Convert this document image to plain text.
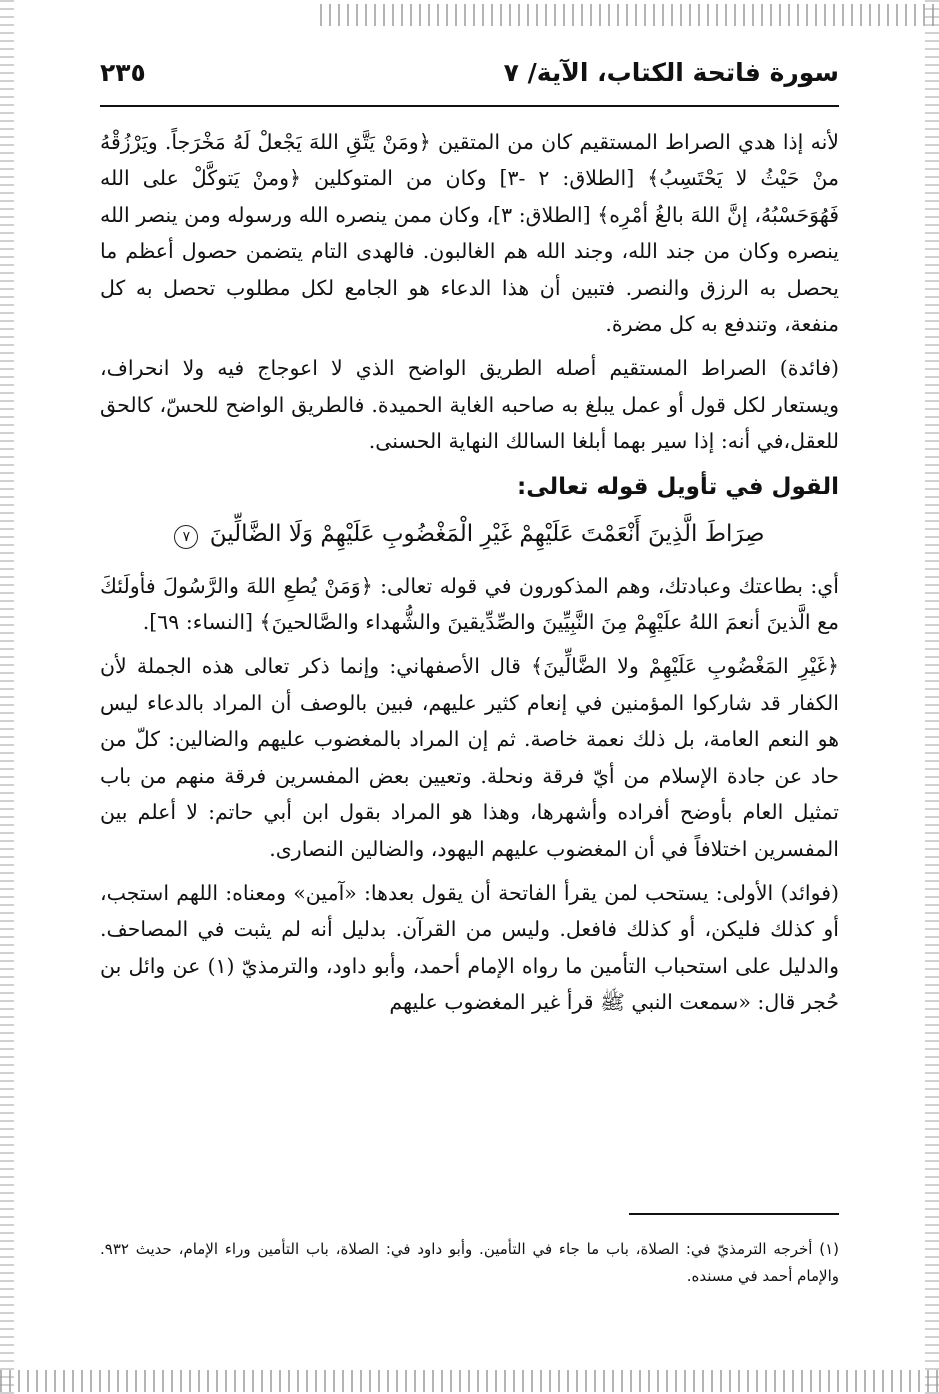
سورة فاتحة الكتاب، الآية/ ٧
٢٣٥

لأنه إذا هدي الصراط المستقيم كان من المتقين ﴿ومَنْ يَتَّقِ اللهَ يَجْعلْ لَهُ مَخْرَجاً. ويَرْزُقْهُ منْ حَيْثُ لا يَحْتَسِبُ﴾ [الطلاق: ٢ -٣] وكان من المتوكلين ﴿ومنْ يَتوكَّلْ على الله فَهُوَحَسْبُهُ، إنَّ اللهَ بالغُ أمْرِه﴾ [الطلاق: ٣]، وكان ممن ينصره الله ورسوله ومن ينصر الله ينصره وكان من جند الله، وجند الله هم الغالبون. فالهدى التام يتضمن حصول أعظم ما يحصل به الرزق والنصر. فتبين أن هذا الدعاء هو الجامع لكل مطلوب تحصل به كل منفعة، وتندفع به كل مضرة.

(فائدة) الصراط المستقيم أصله الطريق الواضح الذي لا اعوجاج فيه ولا انحراف، ويستعار لكل قول أو عمل يبلغ به صاحبه الغاية الحميدة. فالطريق الواضح للحسّ، كالحق للعقل،في أنه: إذا سير بهما أبلغا السالك النهاية الحسنى.

القول في تأويل قوله تعالى:
صِرَاطَ الَّذِينَ أَنْعَمْتَ عَلَيْهِمْ غَيْرِ الْمَغْضُوبِ عَلَيْهِمْ وَلَا الضَّالِّينَ ٧

أي: بطاعتك وعبادتك، وهم المذكورون في قوله تعالى: ﴿وَمَنْ يُطعِ اللهَ والرَّسُولَ فأولَئكَ مع الَّذينَ أنعمَ اللهُ علَيْهِمْ مِنَ النَّبِيِّينَ والصِّدِّيقينَ والشُّهداء والصَّالحينَ﴾ [النساء: ٦٩].

﴿غَيْرِ المَغْضُوبِ عَلَيْهِمْ ولا الضَّالِّينَ﴾ قال الأصفهاني: وإنما ذكر تعالى هذه الجملة لأن الكفار قد شاركوا المؤمنين في إنعام كثير عليهم، فبين بالوصف أن المراد بالدعاء ليس هو النعم العامة، بل ذلك نعمة خاصة. ثم إن المراد بالمغضوب عليهم والضالين: كلّ من حاد عن جادة الإسلام من أيّ فرقة ونحلة. وتعيين بعض المفسرين فرقة منهم من باب تمثيل العام بأوضح أفراده وأشهرها، وهذا هو المراد بقول ابن أبي حاتم: لا أعلم بين المفسرين اختلافاً في أن المغضوب عليهم اليهود، والضالين النصارى.

(فوائد) الأولى: يستحب لمن يقرأ الفاتحة أن يقول بعدها: «آمين» ومعناه: اللهم استجب، أو كذلك فليكن، أو كذلك فافعل. وليس من القرآن. بدليل أنه لم يثبت في المصاحف. والدليل على استحباب التأمين ما رواه الإمام أحمد، وأبو داود، والترمذيّ (١) عن وائل بن حُجر قال: «سمعت النبي ﷺ قرأ غير المغضوب عليهم

(١) أخرجه الترمذيّ في: الصلاة، باب ما جاء في التأمين. وأبو داود في: الصلاة، باب التأمين وراء الإمام، حديث ٩٣٢. والإمام أحمد في مسنده.
